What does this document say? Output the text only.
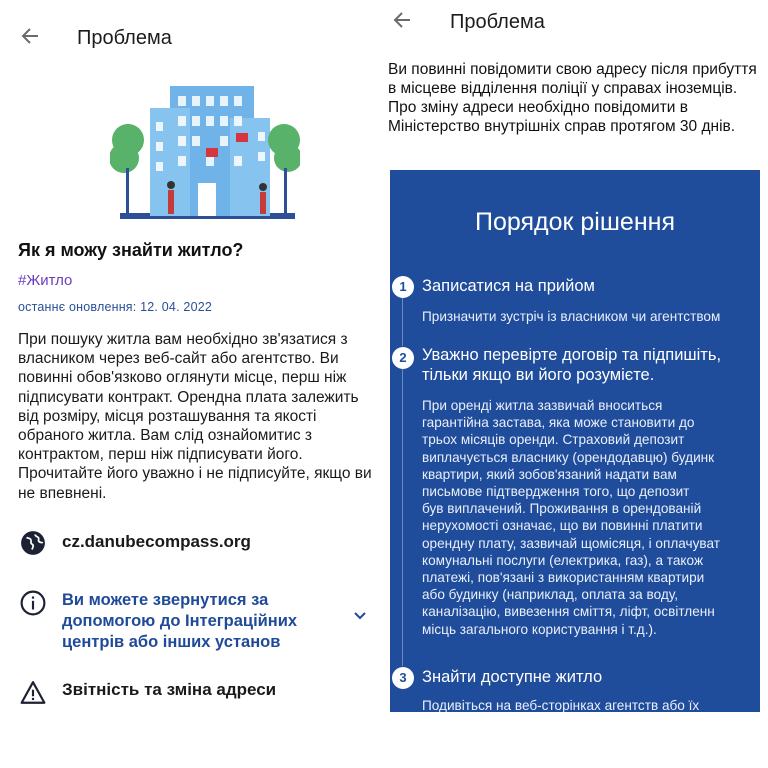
Проблема
Як я можу знайти житло?
#Житло
останнє оновлення: 12. 04. 2022
При пошуку житла вам необхідно зв'язатися з власником через веб-сайт або агентство. Ви повинні обов'язково оглянути місце, перш ніж підписувати контракт. Орендна плата залежить від розміру, місця розташування та якості обраного житла. Вам слід ознайомитис з контрактом, перш ніж підписувати його. Прочитайте його уважно і не підписуйте, якщо ви не впевнені.
cz.danubecompass.org
Ви можете звернутися за допомогою до Інтеграційних центрів або інших установ
Звітність та зміна адреси
Проблема
Ви повинні повідомити свою адресу після прибуття в місцеве відділення поліції у справах іноземців. Про зміну адреси необхідно повідомити в Міністерство внутрішніх справ протягом 30 днів.
Порядок рішення
1 Записатися на прийом
Призначити зустріч із власником чи агентством
2 Уважно перевірте договір та підпишіть, тільки якщо ви його розумієте.
При оренді житла зазвичай вноситься
гарантійна застава, яка може становити до
трьох місяців оренди. Страховий депозит
виплачується власнику (орендодавцю) будинк
квартири, який зобов'язаний надати вам
письмове підтвердження того, що депозит
був виплачений. Проживання в орендованій
нерухомості означає, що ви повинні платити
орендну плату, зазвичай щомісяця, і оплачуват
комунальні послуги (електрика, газ), а також
платежі, пов'язані з використанням квартири
або будинку (наприклад, оплата за воду,
каналізацію, вивезення сміття, ліфт, освітленн
місць загального користування і т.д.).
3 Знайти доступне житло
Подивіться на веб-сторінках агентств або їх
